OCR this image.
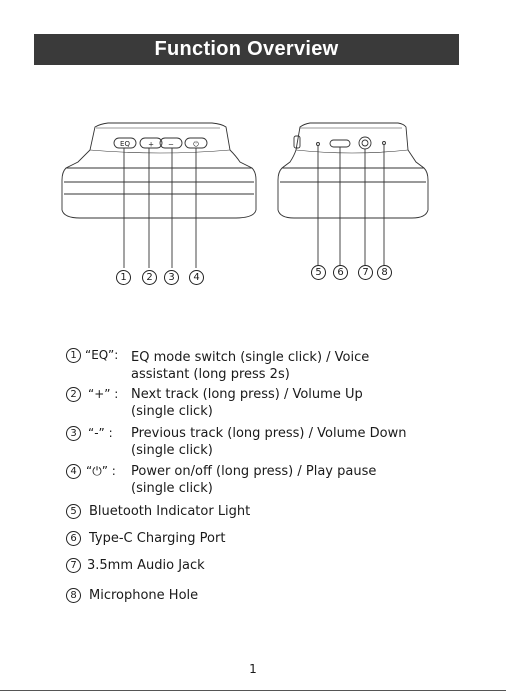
Function Overview
EQ	+ −	⏻
1	2	3	4	5	6	7	8
1 “EQ”: EQ mode switch (single click) / Voice
assistant (long press 2s)
2 “+” : Next track (long press) / Volume Up
(single click)
3 “-” : Previous track (long press) / Volume Down
(single click)
4 “⏻” : Power on/off (long press) / Play pause
(single click)
5 Bluetooth Indicator Light
6 Type-C Charging Port
7 3.5mm Audio Jack
8 Microphone Hole
1
